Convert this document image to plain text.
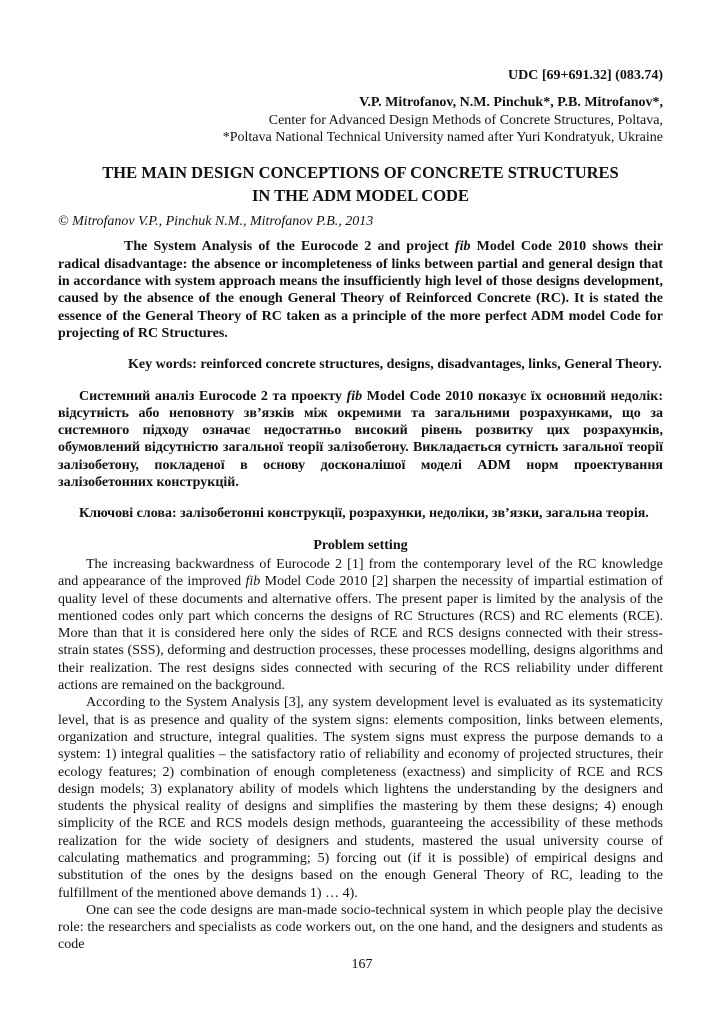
UDC [69+691.32] (083.74)
V.P. Mitrofanov, N.M. Pinchuk*, P.B. Mitrofanov*,
Center for Advanced Design Methods of Concrete Structures, Poltava,
*Poltava National Technical University named after Yuri Kondratyuk, Ukraine
THE MAIN DESIGN CONCEPTIONS OF CONCRETE STRUCTURES
IN THE ADM MODEL CODE
© Mitrofanov V.P., Pinchuk N.M., Mitrofanov P.B., 2013

The System Analysis of the Eurocode 2 and project fib Model Code 2010 shows their radical disadvantage: the absence or incompleteness of links between partial and general design that in accordance with system approach means the insufficiently high level of those designs development, caused by the absence of the enough General Theory of Reinforced Concrete (RC). It is stated the essence of the General Theory of RC taken as a principle of the more perfect ADM model Code for projecting of RC Structures.

Key words: reinforced concrete structures, designs, disadvantages, links, General Theory.

Системний аналіз Eurocode 2 та проекту fib Model Code 2010 показує їх основний недолік: відсутність або неповноту зв’язків між окремими та загальними розрахунками, що за системного підходу означає недостатньо високий рівень розвитку цих розрахунків, обумовлений відсутністю загальної теорії залізобетону. Викладається сутність загальної теорії залізобетону, покладеної в основу досконалішої моделі ADM норм проектування залізобетонних конструкцій.

Ключові слова: залізобетонні конструкції, розрахунки, недоліки, зв’язки, загальна теорія.

Problem setting

The increasing backwardness of Eurocode 2 [1] from the contemporary level of the RC knowledge and appearance of the improved fib Model Code 2010 [2] sharpen the necessity of impartial estimation of quality level of these documents and alternative offers. The present paper is limited by the analysis of the mentioned codes only part which concerns the designs of RC Structures (RCS) and RC elements (RCE). More than that it is considered here only the sides of RCE and RCS designs connected with their stress-strain states (SSS), deforming and destruction processes, these processes modelling, designs algorithms and their realization. The rest designs sides connected with securing of the RCS reliability under different actions are remained on the background.

According to the System Analysis [3], any system development level is evaluated as its systematicity level, that is as presence and quality of the system signs: elements composition, links between elements, organization and structure, integral qualities. The system signs must express the purpose demands to a system: 1) integral qualities – the satisfactory ratio of reliability and economy of projected structures, their ecology features; 2) combination of enough completeness (exactness) and simplicity of RCE and RCS design models; 3) explanatory ability of models which lightens the understanding by the designers and students the physical reality of designs and simplifies the mastering by them these designs; 4) enough simplicity of the RCE and RCS models design methods, guaranteeing the accessibility of these methods realization for the wide society of designers and students, mastered the usual university course of calculating mathematics and programming; 5) forcing out (if it is possible) of empirical designs and substitution of the ones by the designs based on the enough General Theory of RC, leading to the fulfillment of the mentioned above demands 1) … 4).

One can see the code designs are man-made socio-technical system in which people play the decisive role: the researchers and specialists as code workers out, on the one hand, and the designers and students as code

167
